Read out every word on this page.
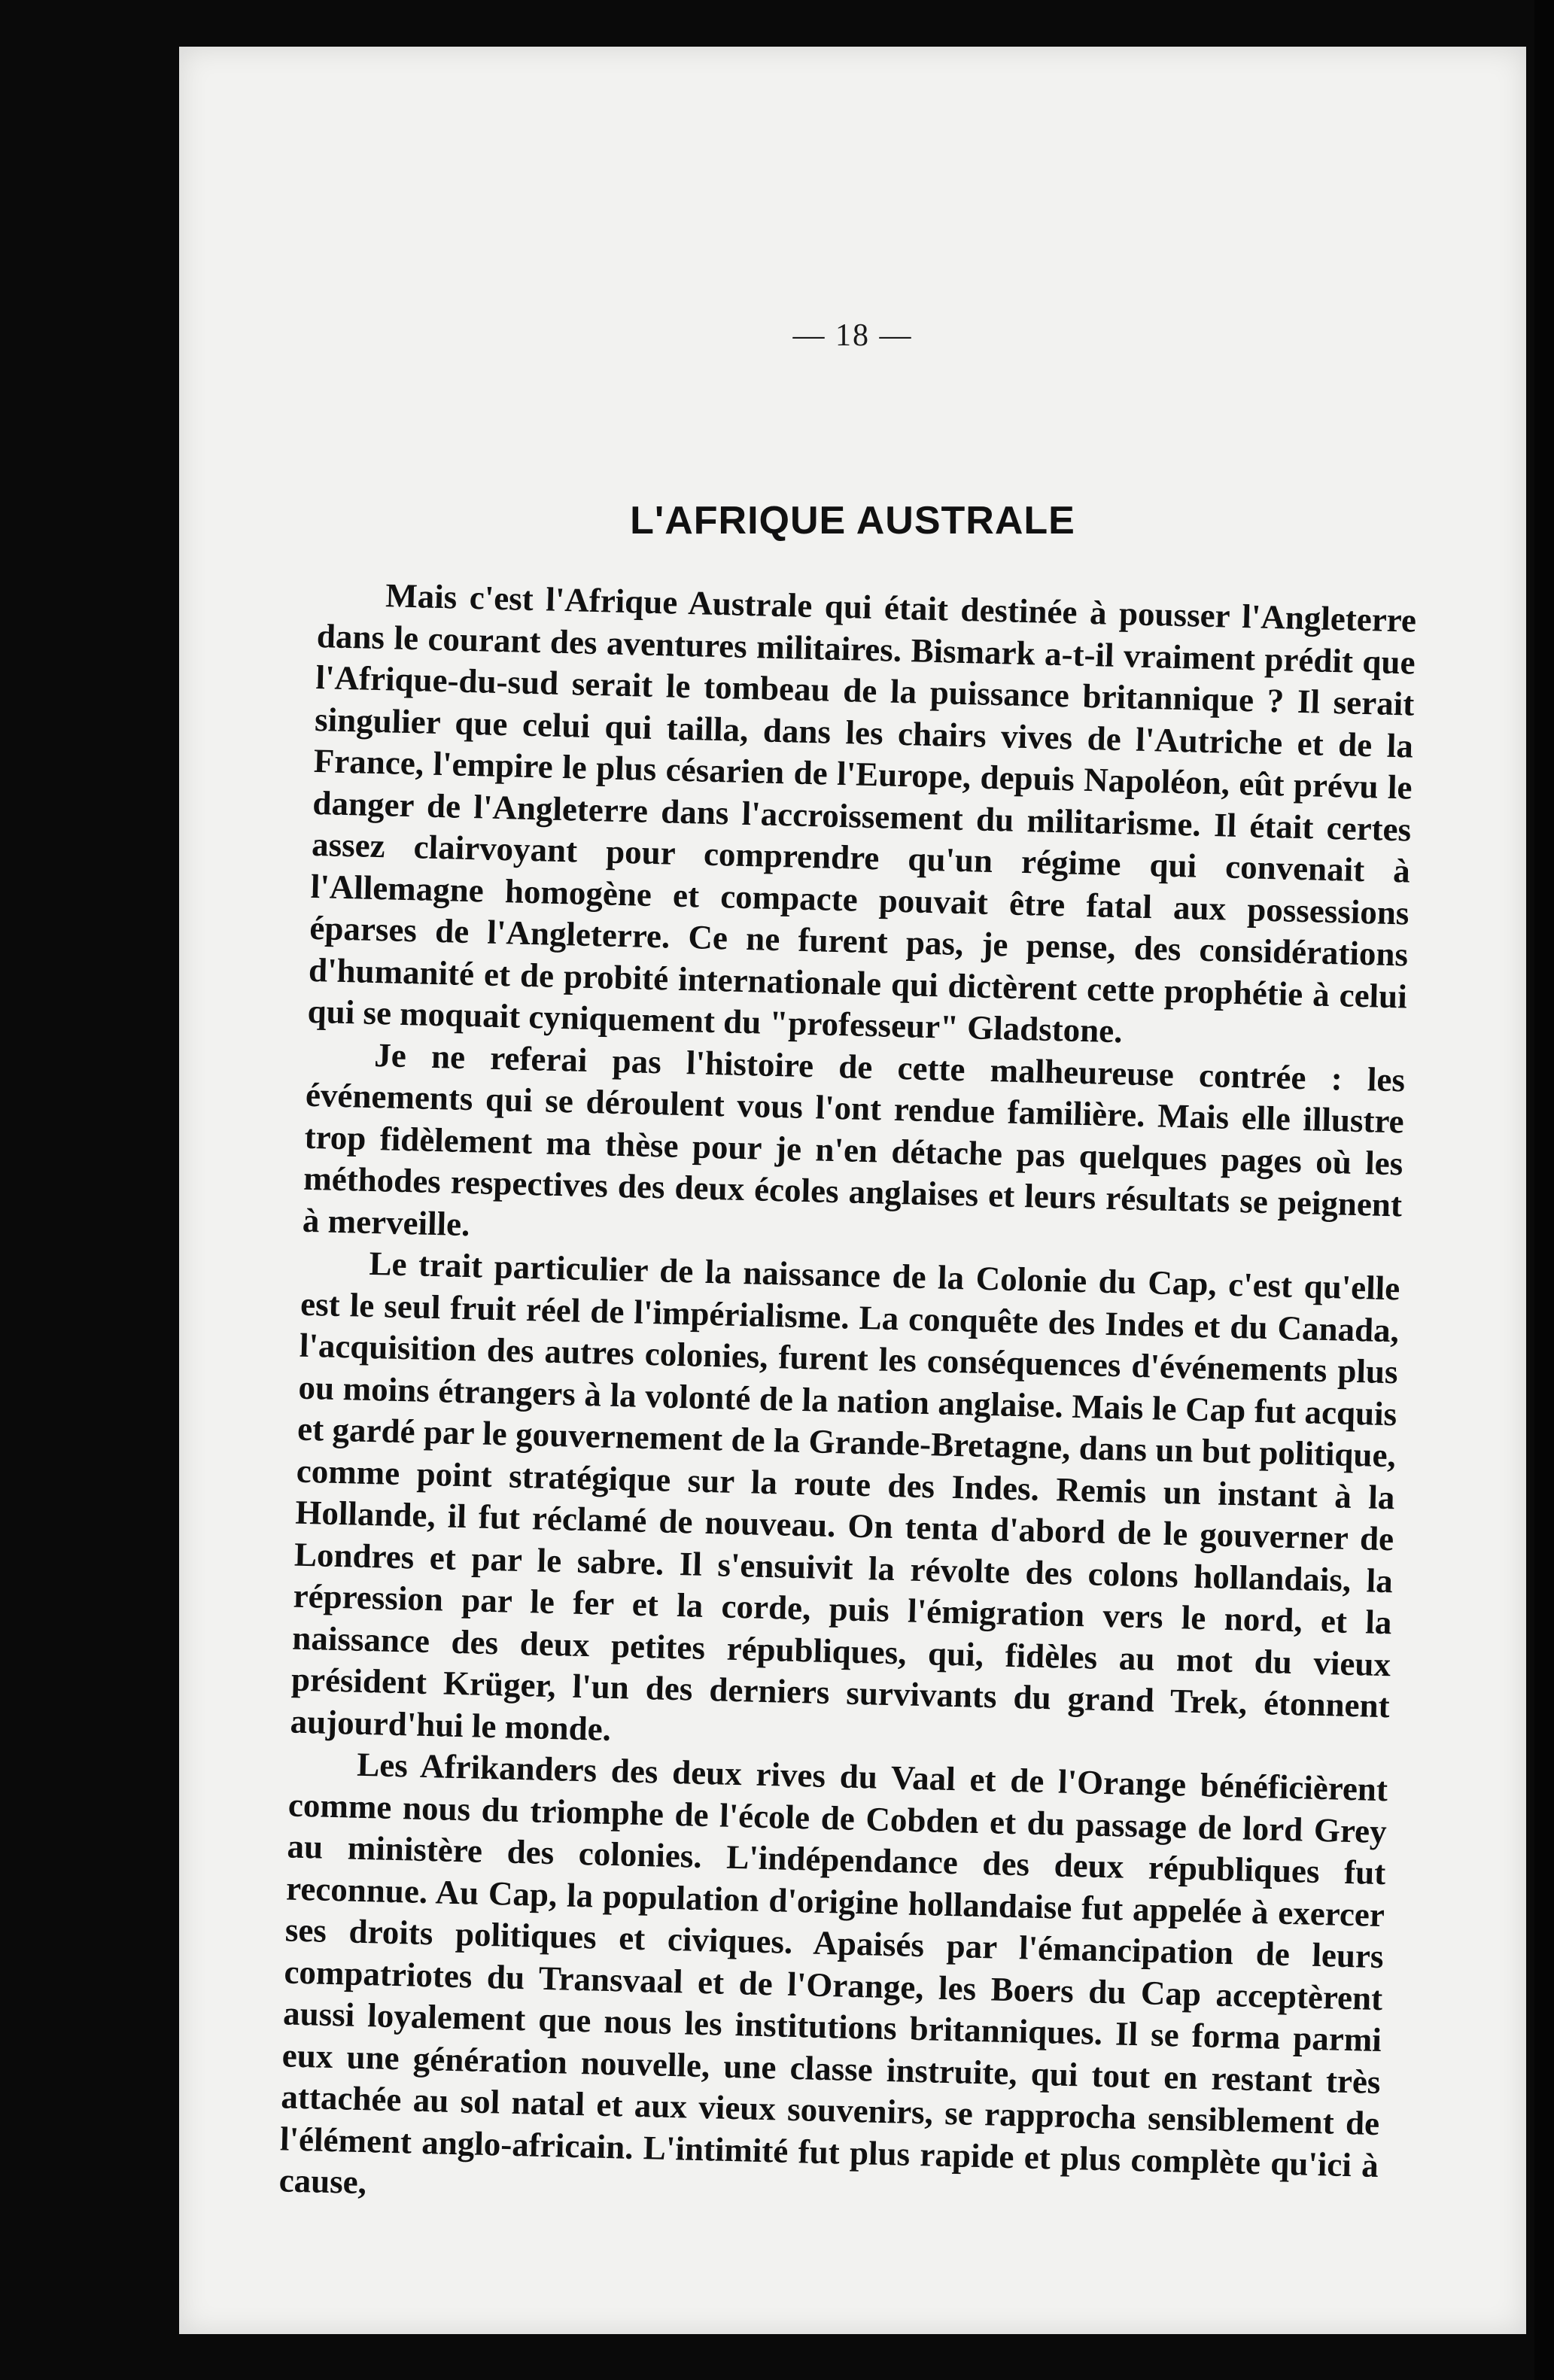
— 18 —
L'AFRIQUE AUSTRALE

Mais c'est l'Afrique Australe qui était destinée à pousser l'Angleterre dans le courant des aventures militaires. Bismark a-t-il vraiment prédit que l'Afrique-du-sud serait le tombeau de la puissance britannique ? Il serait singulier que celui qui tailla, dans les chairs vives de l'Autriche et de la France, l'empire le plus césarien de l'Europe, depuis Napoléon, eût prévu le danger de l'Angleterre dans l'accroissement du militarisme. Il était certes assez clairvoyant pour comprendre qu'un régime qui convenait à l'Allemagne homogène et compacte pouvait être fatal aux possessions éparses de l'Angleterre. Ce ne furent pas, je pense, des considérations d'humanité et de probité internationale qui dictèrent cette prophétie à celui qui se moquait cyniquement du "professeur" Gladstone.

Je ne referai pas l'histoire de cette malheureuse contrée : les événements qui se déroulent vous l'ont rendue familière. Mais elle illustre trop fidèlement ma thèse pour je n'en détache pas quelques pages où les méthodes respectives des deux écoles anglaises et leurs résultats se peignent à merveille.

Le trait particulier de la naissance de la Colonie du Cap, c'est qu'elle est le seul fruit réel de l'impérialisme. La conquête des Indes et du Canada, l'acquisition des autres colonies, furent les conséquences d'événements plus ou moins étrangers à la volonté de la nation anglaise. Mais le Cap fut acquis et gardé par le gouvernement de la Grande-Bretagne, dans un but politique, comme point stratégique sur la route des Indes. Remis un instant à la Hollande, il fut réclamé de nouveau. On tenta d'abord de le gouverner de Londres et par le sabre. Il s'ensuivit la révolte des colons hollandais, la répression par le fer et la corde, puis l'émigration vers le nord, et la naissance des deux petites républiques, qui, fidèles au mot du vieux président Krüger, l'un des derniers survivants du grand Trek, étonnent aujourd'hui le monde.

Les Afrikanders des deux rives du Vaal et de l'Orange bénéficièrent comme nous du triomphe de l'école de Cobden et du passage de lord Grey au ministère des colonies. L'indépendance des deux républiques fut reconnue. Au Cap, la population d'origine hollandaise fut appelée à exercer ses droits politiques et civiques. Apaisés par l'émancipation de leurs compatriotes du Transvaal et de l'Orange, les Boers du Cap acceptèrent aussi loyalement que nous les institutions britanniques. Il se forma parmi eux une génération nouvelle, une classe instruite, qui tout en restant très attachée au sol natal et aux vieux souvenirs, se rapprocha sensiblement de l'élément anglo-africain. L'intimité fut plus rapide et plus complète qu'ici à cause,
